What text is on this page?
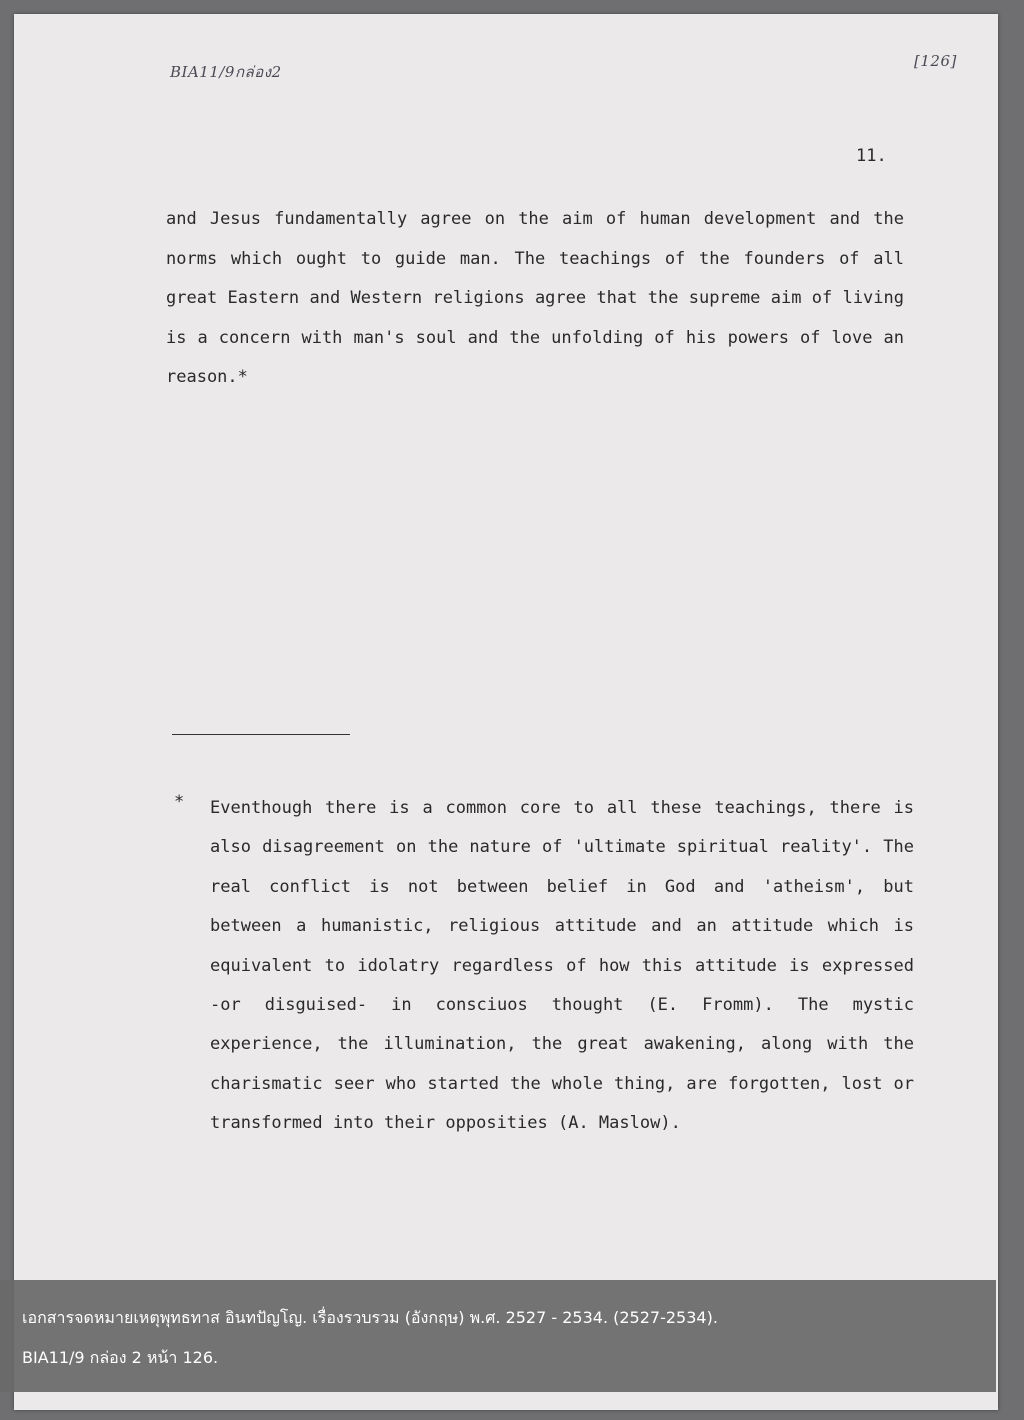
BIA11/9กล่อง2
[126]
11.

and Jesus fundamentally agree on the aim of human development and the norms which ought to guide man. The teachings of the founders of all great Eastern and Western religions agree that the supreme aim of living is a concern with man's soul and the unfolding of his powers of love an reason.*

* Eventhough there is a common core to all these teachings, there is also disagreement on the nature of 'ultimate spiritual reality'. The real conflict is not between belief in God and 'atheism', but between a humanistic, religious attitude and an attitude which is equivalent to idolatry regardless of how this attitude is expressed -or disguised- in consciuos thought (E. Fromm). The mystic experience, the illumination, the great awakening, along with the charismatic seer who started the whole thing, are forgotten, lost or transformed into their opposities (A. Maslow).

เอกสารจดหมายเหตุพุทธทาส อินทปัญโญ. เรื่องรวบรวม (อังกฤษ) พ.ศ. 2527 - 2534. (2527-2534).
BIA11/9 กล่อง 2 หน้า 126.
